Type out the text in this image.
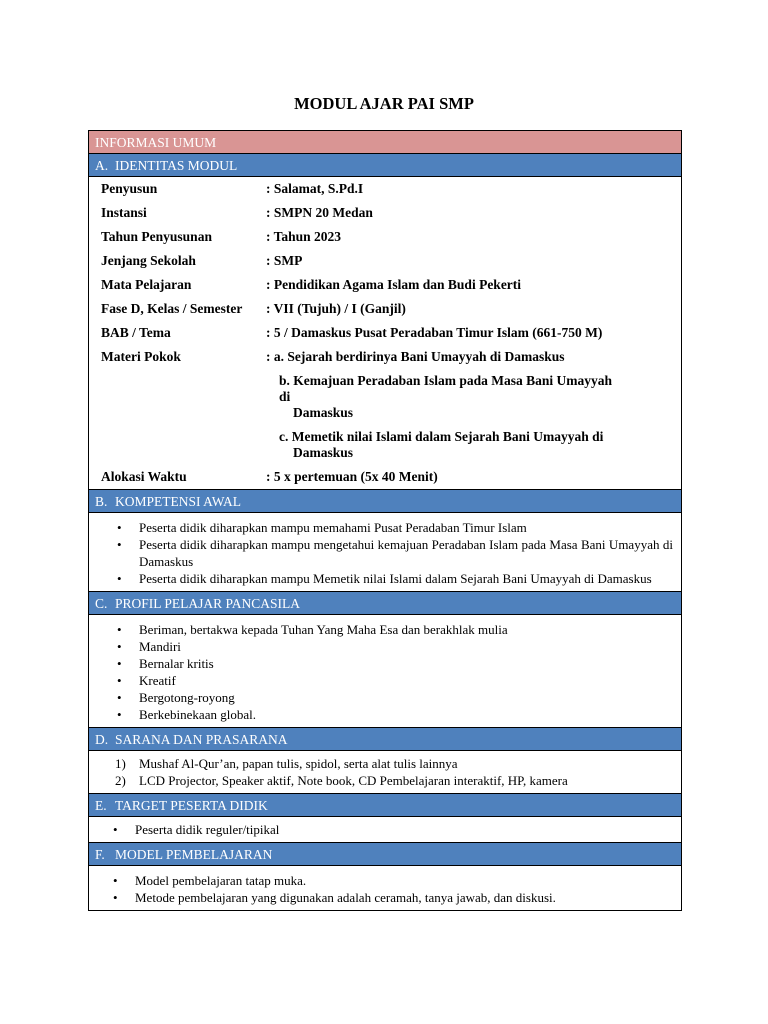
MODUL AJAR PAI SMP
INFORMASI UMUM
A. IDENTITAS MODUL
Penyusun	: Salamat, S.Pd.I
Instansi	: SMPN 20 Medan
Tahun Penyusunan	: Tahun 2023
Jenjang Sekolah	: SMP
Mata Pelajaran	: Pendidikan Agama Islam dan Budi Pekerti
Fase D, Kelas / Semester	: VII (Tujuh) / I (Ganjil)
BAB / Tema	: 5 / Damaskus Pusat Peradaban Timur Islam (661-750 M)
Materi Pokok	: a. Sejarah berdirinya Bani Umayyah di Damaskus
b. Kemajuan Peradaban Islam pada Masa Bani Umayyah di
Damaskus
c. Memetik nilai Islami dalam Sejarah Bani Umayyah di
Damaskus
Alokasi Waktu	: 5 x pertemuan (5x 40 Menit)
B. KOMPETENSI AWAL
• Peserta didik diharapkan mampu memahami Pusat Peradaban Timur Islam
• Peserta didik diharapkan mampu mengetahui kemajuan Peradaban Islam pada Masa Bani Umayyah di Damaskus
• Peserta didik diharapkan mampu Memetik nilai Islami dalam Sejarah Bani Umayyah di Damaskus
C. PROFIL PELAJAR PANCASILA
• Beriman, bertakwa kepada Tuhan Yang Maha Esa dan berakhlak mulia
• Mandiri
• Bernalar kritis
• Kreatif
• Bergotong-royong
• Berkebinekaan global.
D. SARANA DAN PRASARANA
1) Mushaf Al-Qur’an, papan tulis, spidol, serta alat tulis lainnya
2) LCD Projector, Speaker aktif, Note book, CD Pembelajaran interaktif, HP, kamera
E. TARGET PESERTA DIDIK
• Peserta didik reguler/tipikal
F. MODEL PEMBELAJARAN
• Model pembelajaran tatap muka.
• Metode pembelajaran yang digunakan adalah ceramah, tanya jawab, dan diskusi.
